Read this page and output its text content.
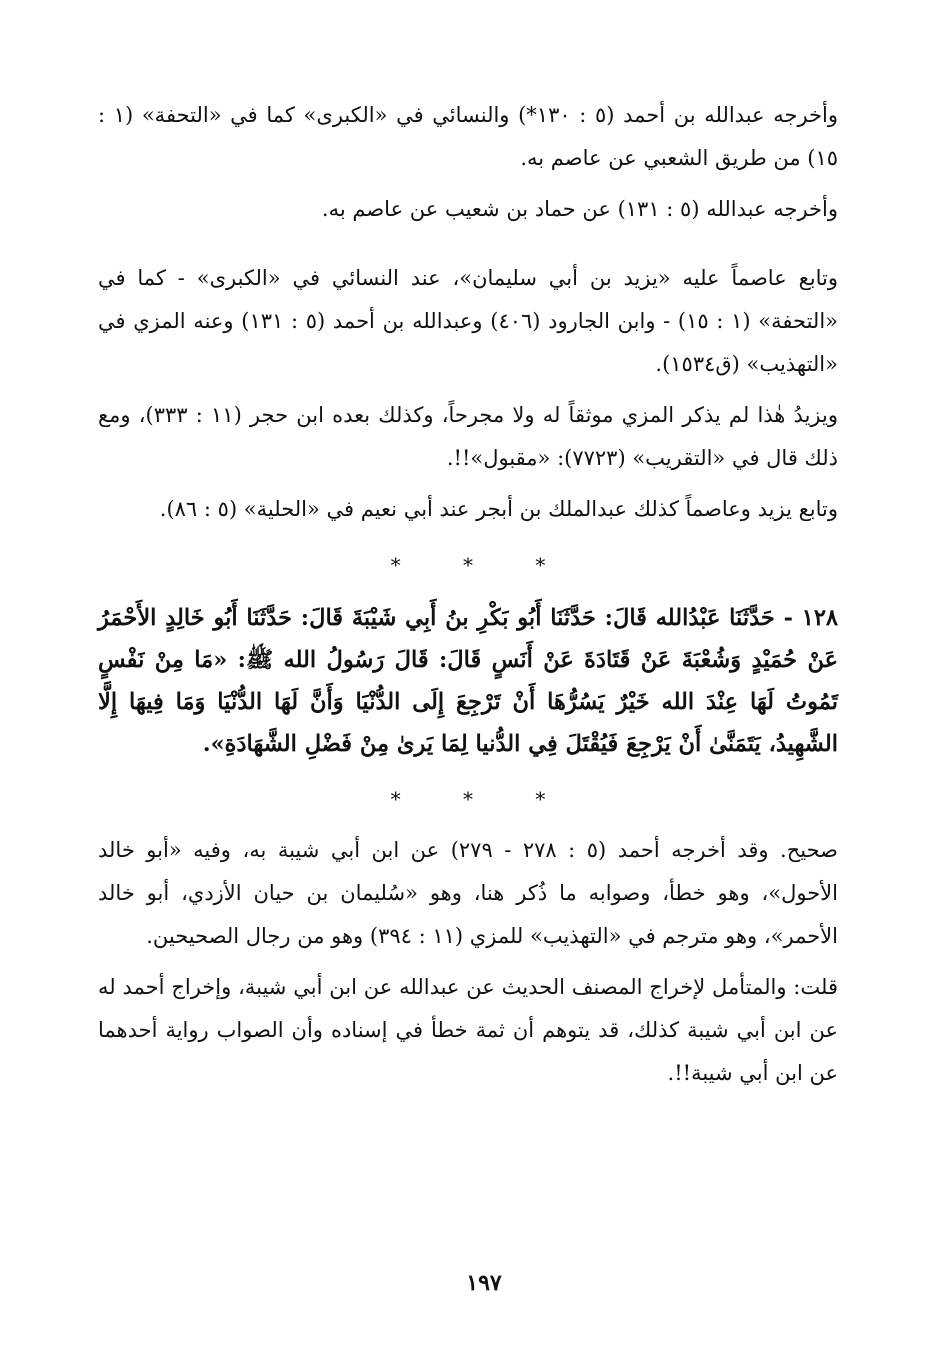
وأخرجه عبدالله بن أحمد (٥ : ١٣٠*) والنسائي في «الكبرى» كما في «التحفة» (١ : ١٥) من طريق الشعبي عن عاصم به.

وأخرجه عبدالله (٥ : ١٣١) عن حماد بن شعيب عن عاصم به.

وتابع عاصماً عليه «يزيد بن أبي سليمان»، عند النسائي في «الكبرى» - كما في «التحفة» (١ : ١٥) - وابن الجارود (٤٠٦) وعبدالله بن أحمد (٥ : ١٣١) وعنه المزي في «التهذيب» (ق١٥٣٤).

ويزيدُ هٰذا لم يذكر المزي موثقاً له ولا مجرحاً، وكذلك بعده ابن حجر (١١ : ٣٣٣)، ومع ذلك قال في «التقريب» (٧٧٢٣): «مقبول»!!.

وتابع يزيد وعاصماً كذلك عبدالملك بن أبجر عند أبي نعيم في «الحلية» (٥ : ٨٦).

* * *

١٢٨ - حَدَّثَنَا عَبْدُالله قَالَ: حَدَّثَنَا أَبُو بَكْرِ بنُ أَبِي شَيْبَةَ قَالَ: حَدَّثَنَا أَبُو خَالِدٍ الأَحْمَرُ عَنْ حُمَيْدٍ وَشُعْبَةَ عَنْ قَتَادَةَ عَنْ أَنَسٍ قَالَ: قَالَ رَسُولُ الله ﷺ: «مَا مِنْ نَفْسٍ تَمُوتُ لَهَا عِنْدَ الله خَيْرٌ يَسُرُّهَا أَنْ تَرْجِعَ إِلَى الدُّنْيَا وَأَنَّ لَهَا الدُّنْيَا وَمَا فِيهَا إِلَّا الشَّهِيدُ، يَتَمَنَّىٰ أَنْ يَرْجِعَ فَيُقْتَلَ فِي الدُّنيا لِمَا يَرىٰ مِنْ فَضْلِ الشَّهَادَةِ».

* * *

صحيح. وقد أخرجه أحمد (٥ : ٢٧٨ - ٢٧٩) عن ابن أبي شيبة به، وفيه «أبو خالد الأحول»، وهو خطأ، وصوابه ما ذُكر هنا، وهو «سُليمان بن حيان الأزدي، أبو خالد الأحمر»، وهو مترجم في «التهذيب» للمزي (١١ : ٣٩٤) وهو من رجال الصحيحين.

قلت: والمتأمل لإخراج المصنف الحديث عن عبدالله عن ابن أبي شيبة، وإخراج أحمد له عن ابن أبي شيبة كذلك، قد يتوهم أن ثمة خطأ في إسناده وأن الصواب رواية أحدهما عن ابن أبي شيبة!!.

١٩٧
